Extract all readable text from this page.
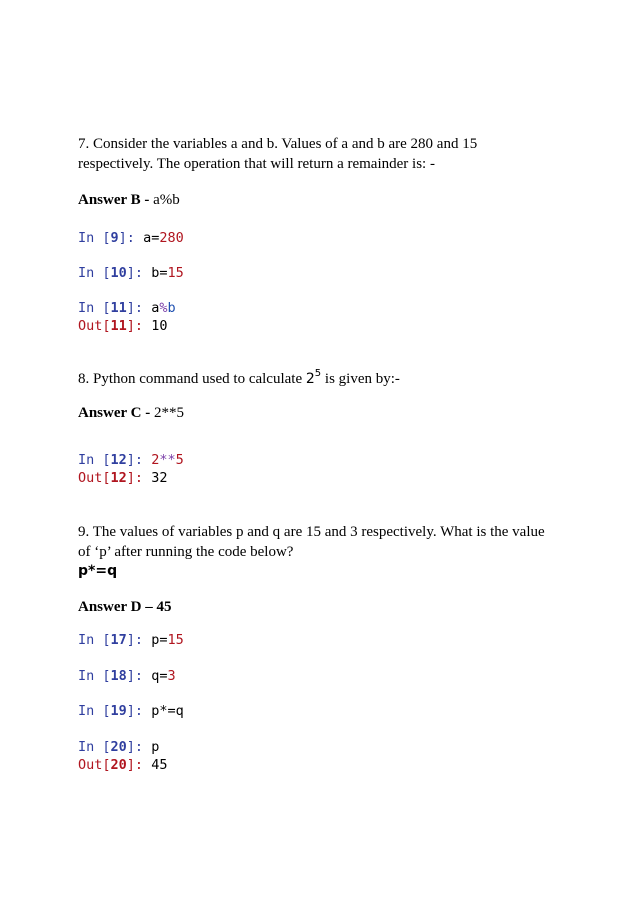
7. Consider the variables a and b. Values of a and b are 280 and 15
respectively. The operation that will return a remainder is: -
Answer B - a%b
In [9]: a=280
In [10]: b=15
In [11]: a%b
Out[11]: 10
8. Python command used to calculate $2^5$ is given by:-
Answer C - 2**5
In [12]: 2**5
Out[12]: 32
9. The values of variables p and q are 15 and 3 respectively. What is the value
of ‘p’ after running the code below?
p*=q
Answer D – 45
In [17]: p=15
In [18]: q=3
In [19]: p*=q
In [20]: p
Out[20]: 45
